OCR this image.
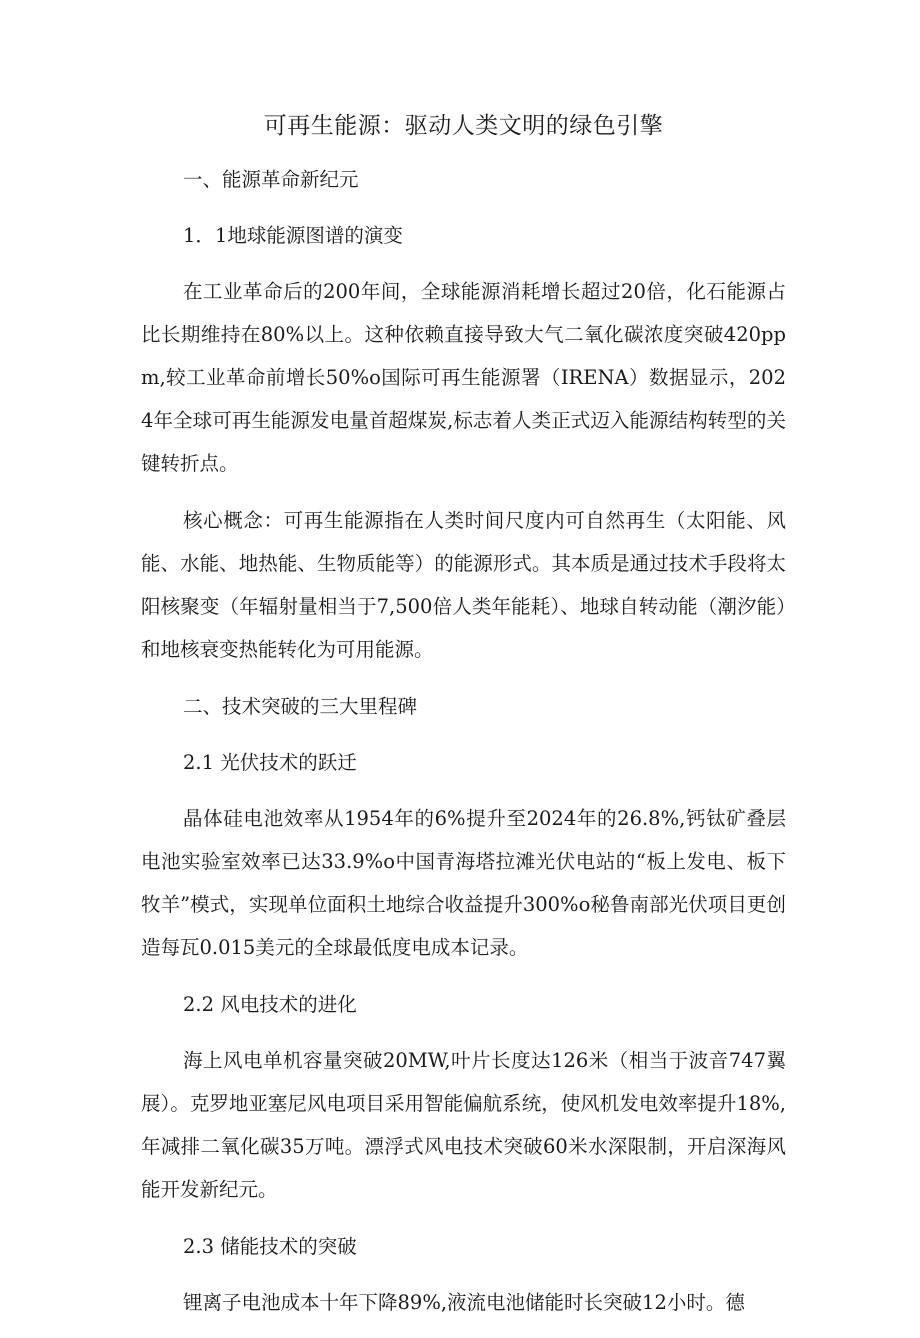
可再生能源：驱动人类文明的绿色引擎
一、能源革命新纪元
1．1地球能源图谱的演变

在工业革命后的200年间，全球能源消耗增长超过20倍，化石能源占比长期维持在80%以上。这种依赖直接导致大气二氧化碳浓度突破420ppm,较工业革命前增长50%o国际可再生能源署（IRENA）数据显示，2024年全球可再生能源发电量首超煤炭,标志着人类正式迈入能源结构转型的关键转折点。

核心概念：可再生能源指在人类时间尺度内可自然再生（太阳能、风能、水能、地热能、生物质能等）的能源形式。其本质是通过技术手段将太阳核聚变（年辐射量相当于7,500倍人类年能耗）、地球自转动能（潮汐能）和地核衰变热能转化为可用能源。

二、技术突破的三大里程碑
2.1 光伏技术的跃迁

晶体硅电池效率从1954年的6%提升至2024年的26.8%,钙钛矿叠层电池实验室效率已达33.9%o中国青海塔拉滩光伏电站的“板上发电、板下牧羊”模式，实现单位面积土地综合收益提升300%o秘鲁南部光伏项目更创造每瓦0.015美元的全球最低度电成本记录。

2.2 风电技术的进化

海上风电单机容量突破20MW,叶片长度达126米（相当于波音747翼展）。克罗地亚塞尼风电项目采用智能偏航系统，使风机发电效率提升18%,年减排二氧化碳35万吨。漂浮式风电技术突破60米水深限制，开启深海风能开发新纪元。

2.3 储能技术的突破

锂离子电池成本十年下降89%,液流电池储能时长突破12小时。德
